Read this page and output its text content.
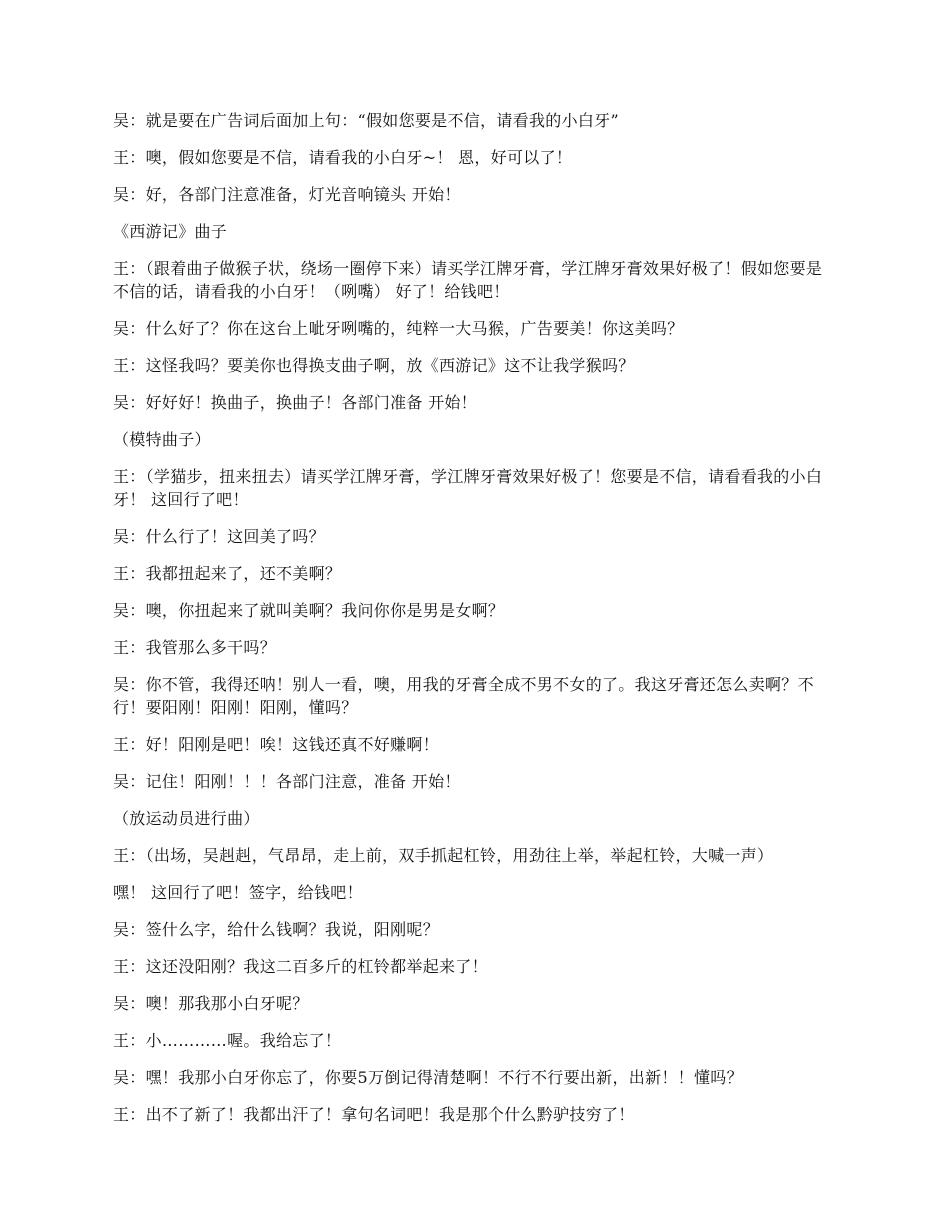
吴：就是要在广告词后面加上句：“假如您要是不信，请看我的小白牙”

王：噢，假如您要是不信，请看我的小白牙~！ 恩，好可以了！

吴：好，各部门注意准备，灯光音响镜头 开始！

《西游记》曲子

王：（跟着曲子做猴子状，绕场一圈停下来）请买学江牌牙膏，学江牌牙膏效果好极了！假如您要是不信的话，请看我的小白牙！（咧嘴） 好了！给钱吧！

吴：什么好了？你在这台上呲牙咧嘴的，纯粹一大马猴，广告要美！你这美吗？

王：这怪我吗？要美你也得换支曲子啊，放《西游记》这不让我学猴吗？

吴：好好好！换曲子，换曲子！各部门准备 开始！

（模特曲子）

王：（学猫步，扭来扭去）请买学江牌牙膏，学江牌牙膏效果好极了！您要是不信，请看看我的小白牙！ 这回行了吧！

吴：什么行了！这回美了吗？

王：我都扭起来了，还不美啊？

吴：噢，你扭起来了就叫美啊？我问你你是男是女啊？

王：我管那么多干吗？

吴：你不管，我得还呐！别人一看，噢，用我的牙膏全成不男不女的了。我这牙膏还怎么卖啊？不行！要阳刚！阳刚！阳刚，懂吗？

王：好！阳刚是吧！唉！这钱还真不好赚啊！

吴：记住！阳刚！！！各部门注意，准备 开始！

（放运动员进行曲）

王：（出场，吴赳赳，气昂昂，走上前，双手抓起杠铃，用劲往上举，举起杠铃，大喊一声）

嘿！ 这回行了吧！签字，给钱吧！

吴：签什么字，给什么钱啊？我说，阳刚呢？

王：这还没阳刚？我这二百多斤的杠铃都举起来了！

吴：噢！那我那小白牙呢？

王：小…………喔。我给忘了！

吴：嘿！我那小白牙你忘了，你要5万倒记得清楚啊！不行不行要出新，出新！！懂吗？

王：出不了新了！我都出汗了！拿句名词吧！我是那个什么黔驴技穷了！
